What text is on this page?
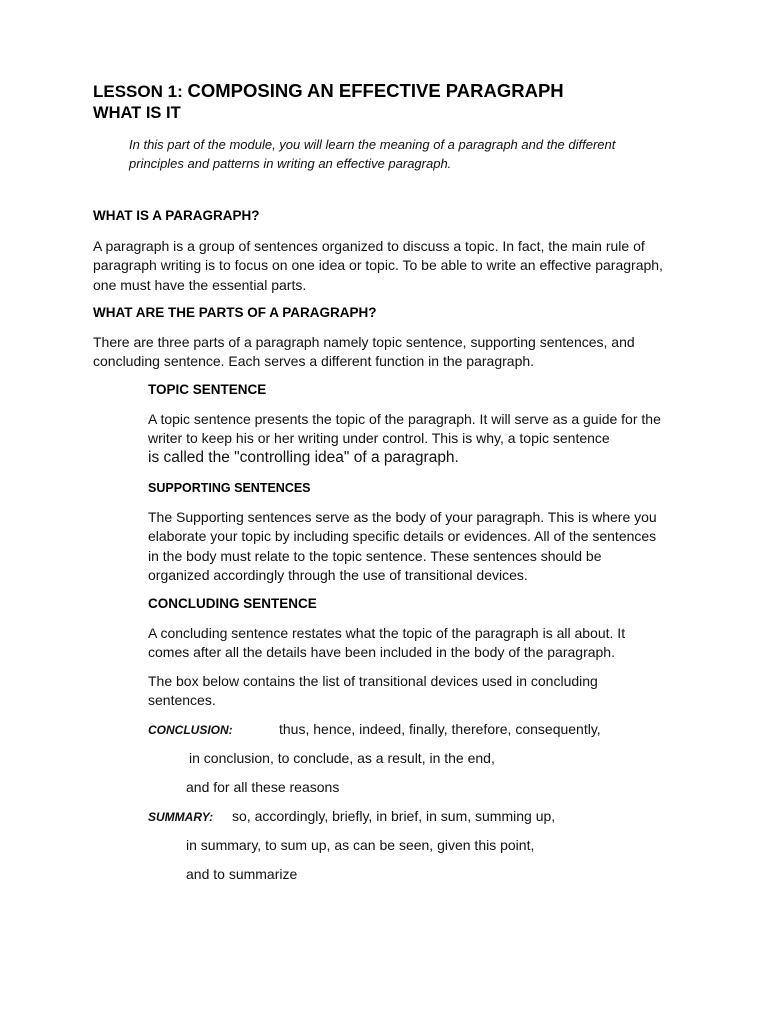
LESSON 1: COMPOSING AN EFFECTIVE PARAGRAPH
WHAT IS IT

In this part of the module, you will learn the meaning of a paragraph and the different principles and patterns in writing an effective paragraph.

WHAT IS A PARAGRAPH?

A paragraph is a group of sentences organized to discuss a topic. In fact, the main rule of paragraph writing is to focus on one idea or topic. To be able to write an effective paragraph, one must have the essential parts.

WHAT ARE THE PARTS OF A PARAGRAPH?

There are three parts of a paragraph namely topic sentence, supporting sentences, and concluding sentence. Each serves a different function in the paragraph.

TOPIC SENTENCE

A topic sentence presents the topic of the paragraph. It will serve as a guide for the writer to keep his or her writing under control. This is why, a topic sentence

is called the "controlling idea" of a paragraph.

SUPPORTING SENTENCES

The Supporting sentences serve as the body of your paragraph. This is where you elaborate your topic by including specific details or evidences. All of the sentences in the body must relate to the topic sentence. These sentences should be organized accordingly through the use of transitional devices.

CONCLUDING SENTENCE

A concluding sentence restates what the topic of the paragraph is all about. It comes after all the details have been included in the body of the paragraph.

The box below contains the list of transitional devices used in concluding sentences.

CONCLUSION:	thus, hence, indeed, finally, therefore, consequently,
in conclusion, to conclude, as a result, in the end,
and for all these reasons
SUMMARY: so, accordingly, briefly, in brief, in sum, summing up,
in summary, to sum up, as can be seen, given this point,
and to summarize
